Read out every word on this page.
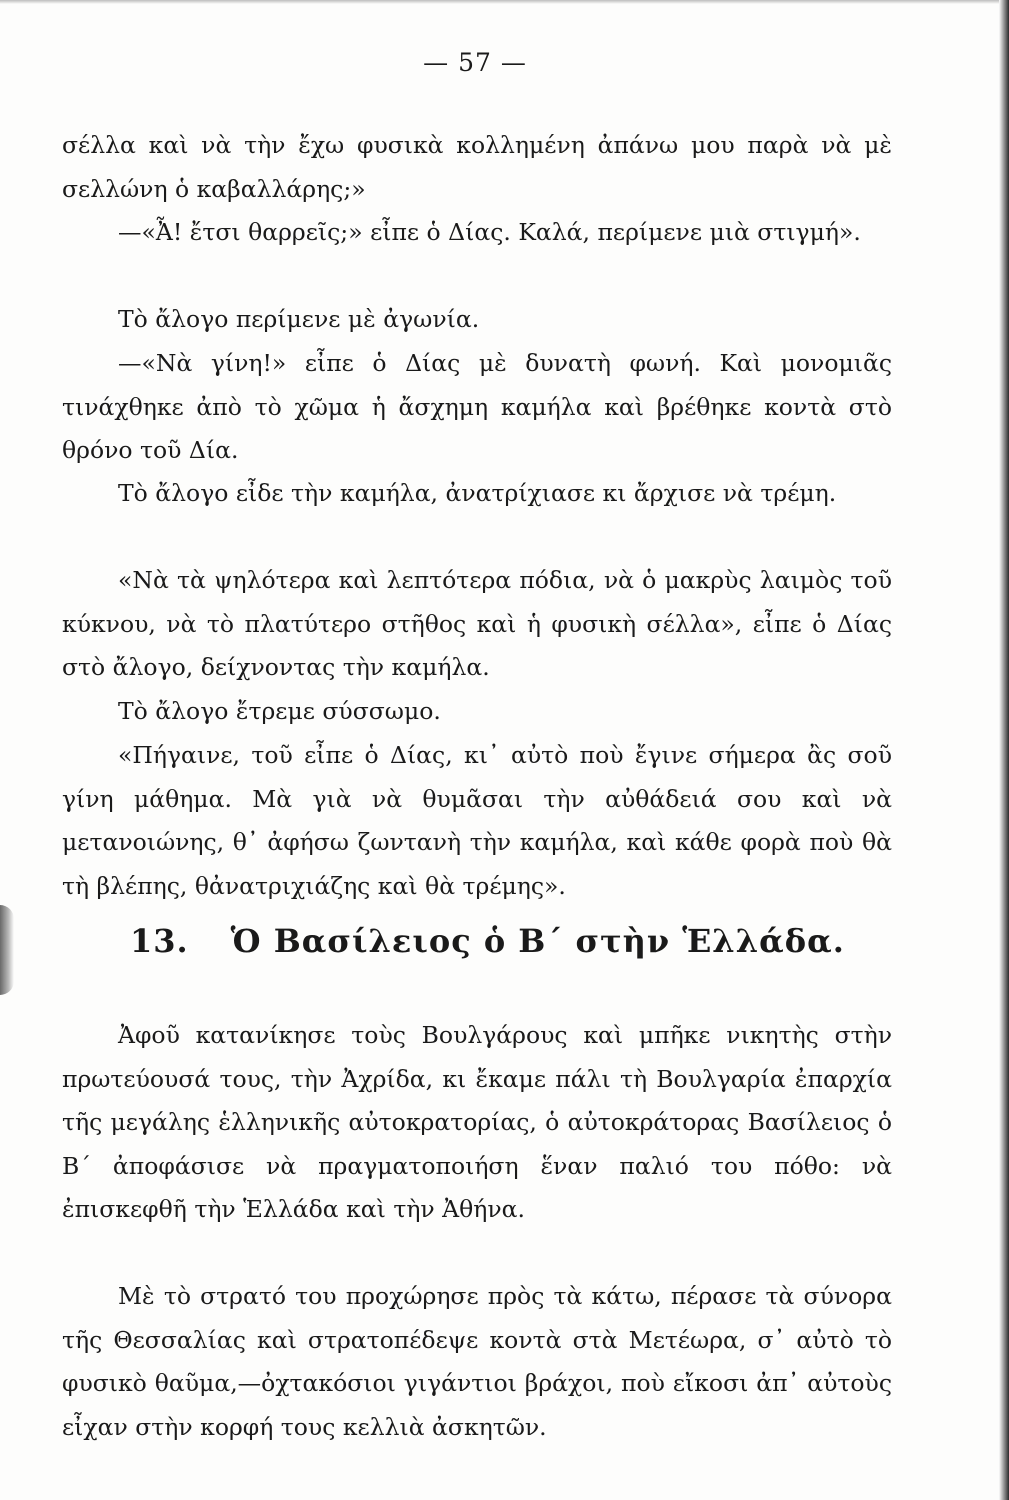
— 57 —

σέλλα καὶ νὰ τὴν ἔχω φυσικὰ κολλημένη ἀπάνω μου παρὰ νὰ μὲ σελλώνη ὁ καβαλλάρης;»

—«Ἆ! ἔτσι θαρρεῖς;» εἶπε ὁ Δίας. Καλά, περίμενε μιὰ στιγμή».

Τὸ ἄλογο περίμενε μὲ ἀγωνία.

—«Νὰ γίνη!» εἶπε ὁ Δίας μὲ δυνατὴ φωνή. Καὶ μονομιᾶς τινάχθηκε ἀπὸ τὸ χῶμα ἡ ἄσχημη καμήλα καὶ βρέθηκε κοντὰ στὸ θρόνο τοῦ Δία.

Τὸ ἄλογο εἶδε τὴν καμήλα, ἀνατρίχιασε κι ἄρχισε νὰ τρέμη.

«Νὰ τὰ ψηλότερα καὶ λεπτότερα πόδια, νὰ ὁ μακρὺς λαιμὸς τοῦ κύκνου, νὰ τὸ πλατύτερο στῆθος καὶ ἡ φυσικὴ σέλλα», εἶπε ὁ Δίας στὸ ἄλογο, δείχνοντας τὴν καμήλα.

Τὸ ἄλογο ἔτρεμε σύσσωμο.

«Πήγαινε, τοῦ εἶπε ὁ Δίας, κι᾿ αὐτὸ ποὺ ἔγινε σήμερα ἂς σοῦ γίνη μάθημα. Μὰ γιὰ νὰ θυμᾶσαι τὴν αὐθάδειά σου καὶ νὰ μετανοιώνης, θ᾿ ἀφήσω ζωντανὴ τὴν καμήλα, καὶ κάθε φορὰ ποὺ θὰ τὴ βλέπης, θἀνατριχιάζης καὶ θὰ τρέμης».

13. Ὁ Βασίλειος ὁ Β´ στὴν Ἑλλάδα.

Ἀφοῦ κατανίκησε τοὺς Βουλγάρους καὶ μπῆκε νικητὴς στὴν πρωτεύουσά τους, τὴν Ἀχρίδα, κι ἔκαμε πάλι τὴ Βουλγαρία ἐπαρχία τῆς μεγάλης ἑλληνικῆς αὐτοκρατορίας, ὁ αὐτοκράτορας Βασίλειος ὁ Β´ ἀποφάσισε νὰ πραγματοποιήση ἕναν παλιό του πόθο: νὰ ἐπισκεφθῆ τὴν Ἑλλάδα καὶ τὴν Ἀθήνα.

Μὲ τὸ στρατό του προχώρησε πρὸς τὰ κάτω, πέρασε τὰ σύνορα τῆς Θεσσαλίας καὶ στρατοπέδεψε κοντὰ στὰ Μετέωρα, σ᾿ αὐτὸ τὸ φυσικὸ θαῦμα,—ὀχτακόσιοι γιγάντιοι βράχοι, ποὺ εἴκοσι ἀπ᾿ αὐτοὺς εἶχαν στὴν κορφή τους κελλιὰ ἀσκητῶν.
